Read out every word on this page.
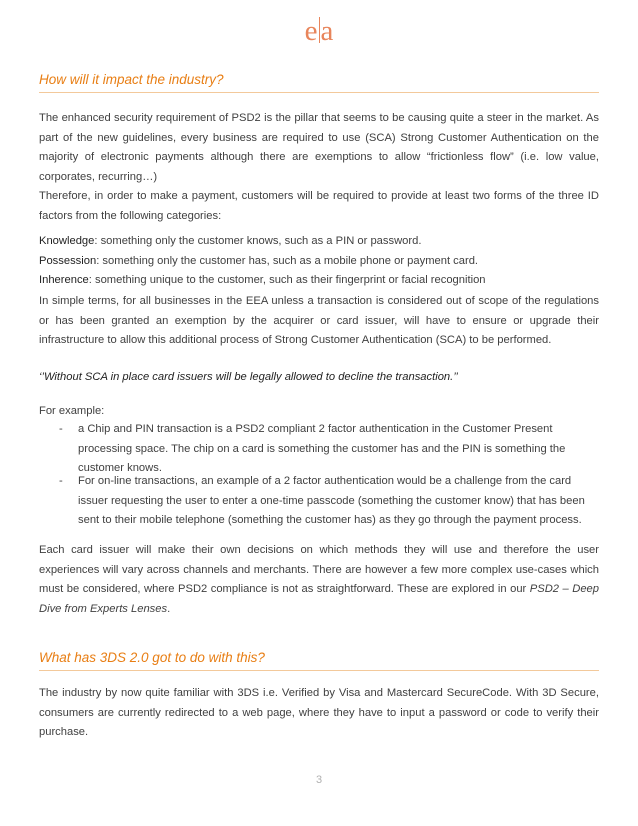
e a
How will it impact the industry?

The enhanced security requirement of PSD2 is the pillar that seems to be causing quite a steer in the market. As part of the new guidelines, every business are required to use (SCA) Strong Customer Authentication on the majority of electronic payments although there are exemptions to allow “frictionless flow” (i.e. low value, corporates, recurring…)

Therefore, in order to make a payment, customers will be required to provide at least two forms of the three ID factors from the following categories:

Knowledge: something only the customer knows, such as a PIN or password.
Possession: something only the customer has, such as a mobile phone or payment card.
Inherence: something unique to the customer, such as their fingerprint or facial recognition

In simple terms, for all businesses in the EEA unless a transaction is considered out of scope of the regulations or has been granted an exemption by the acquirer or card issuer, will have to ensure or upgrade their infrastructure to allow this additional process of Strong Customer Authentication (SCA) to be performed.

‘’Without SCA in place card issuers will be legally allowed to decline the transaction.’’

For example:

- a Chip and PIN transaction is a PSD2 compliant 2 factor authentication in the Customer Present processing space. The chip on a card is something the customer has and the PIN is something the customer knows.
- For on-line transactions, an example of a 2 factor authentication would be a challenge from the card issuer requesting the user to enter a one-time passcode (something the customer know) that has been sent to their mobile telephone (something the customer has) as they go through the payment process.

Each card issuer will make their own decisions on which methods they will use and therefore the user experiences will vary across channels and merchants. There are however a few more complex use-cases which must be considered, where PSD2 compliance is not as straightforward. These are explored in our PSD2 – Deep Dive from Experts Lenses.

What has 3DS 2.0 got to do with this?

The industry by now quite familiar with 3DS i.e. Verified by Visa and Mastercard SecureCode. With 3D Secure, consumers are currently redirected to a web page, where they have to input a password or code to verify their purchase.

3
